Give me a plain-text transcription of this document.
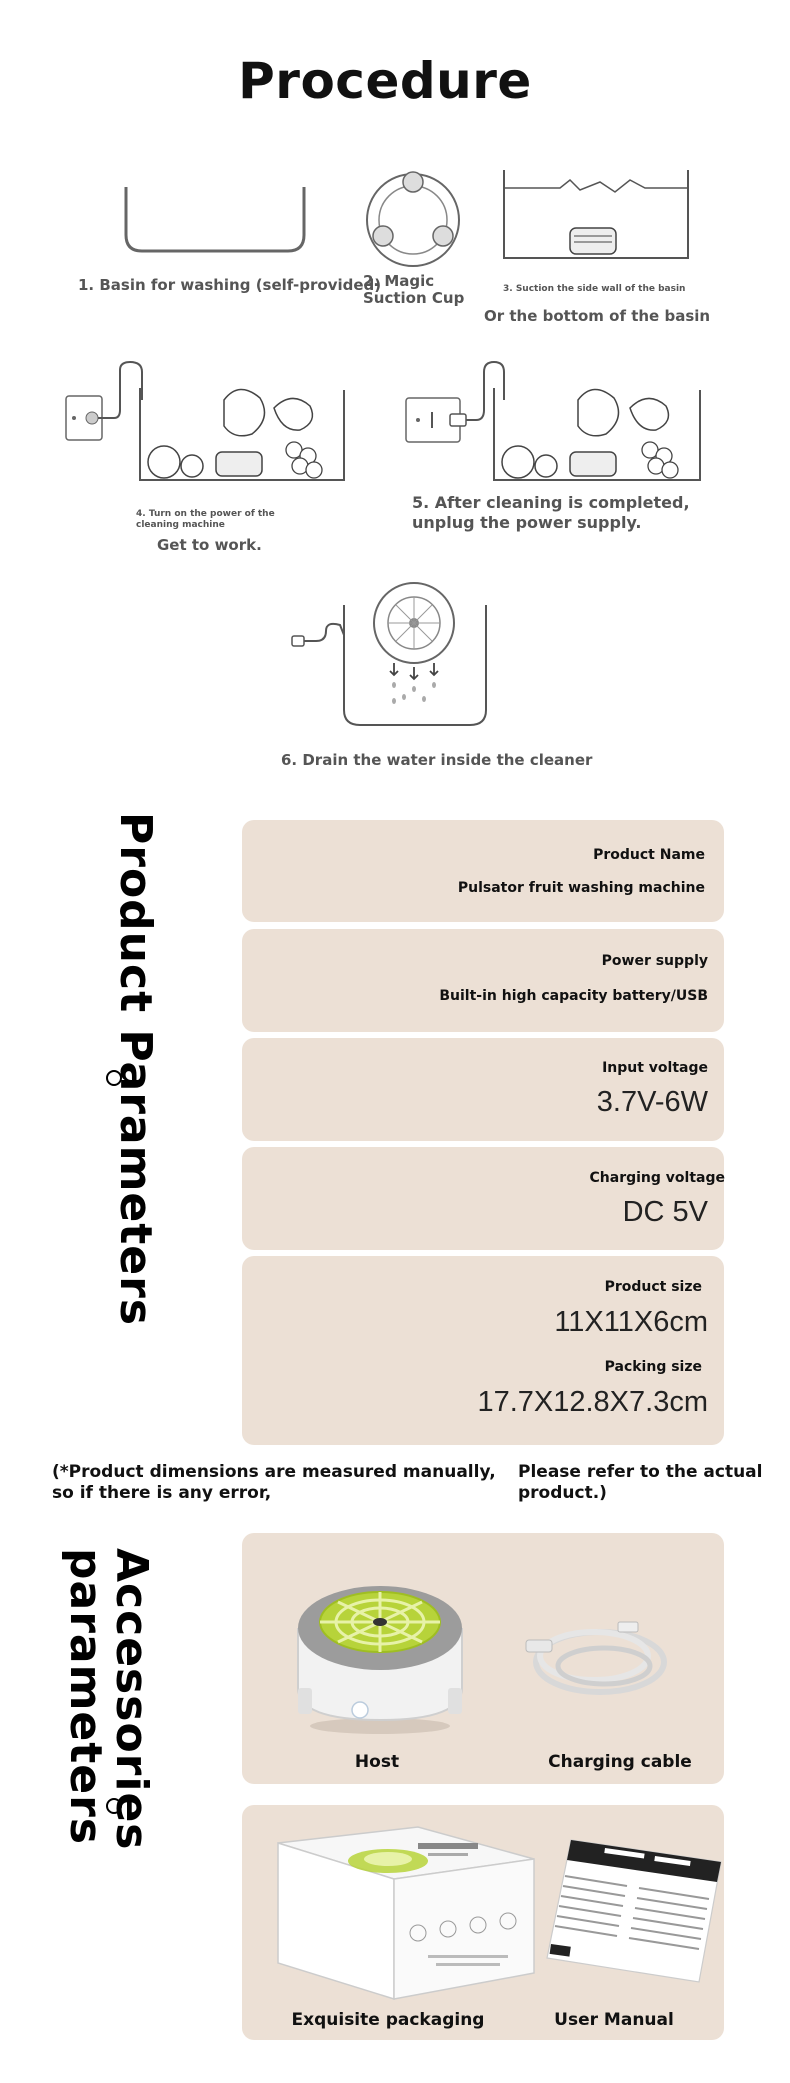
Procedure
1. Basin for washing (self-provided)
2. Magic Suction Cup	3. Suction the side wall of the basin
Or the bottom of the basin
4. Turn on the power of the cleaning machine
Get to work.
5. After cleaning is completed, unplug the power supply.
6. Drain the water inside the cleaner
Product Parameters	Product Name
Pulsator fruit washing machine
Power supply
Built-in high capacity battery/USB
Input voltage
3.7V-6W
Charging voltage
DC 5V
Product size
11X11X6cm
Packing size
17.7X12.8X7.3cm
(*Product dimensions are measured manually, so if there is any error,
Please refer to the actual product.)
Accessories parameters	Host	Charging cable
Exquisite packaging	User Manual
